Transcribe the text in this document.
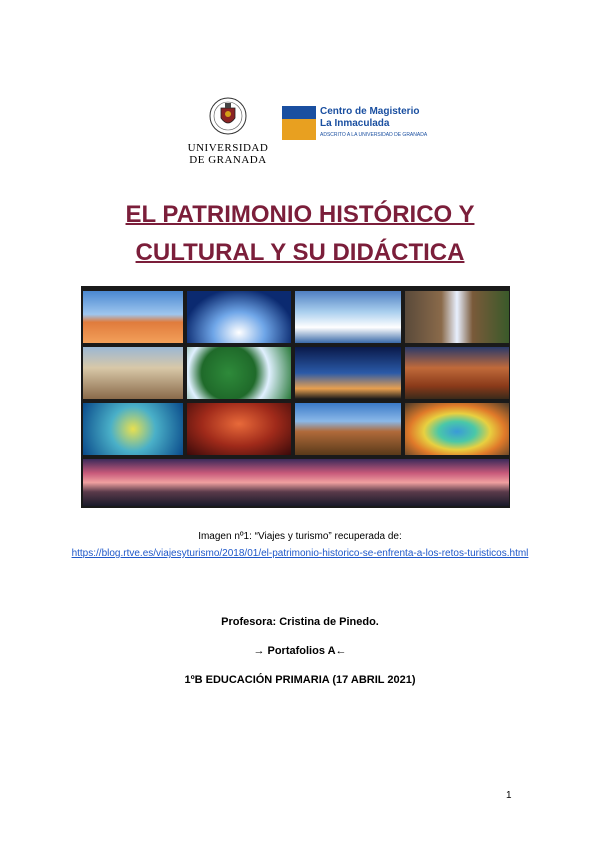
UNIVERSIDAD
DE GRANADA
Centro de Magisterio
La Inmaculada
ADSCRITO A LA UNIVERSIDAD DE GRANADA
EL PATRIMONIO HISTÓRICO Y
CULTURAL Y SU DIDÁCTICA
Imagen nº1: “Viajes y turismo” recuperada de:
https://blog.rtve.es/viajesyturismo/2018/01/el-patrimonio-historico-se-enfrenta-a-los-retos-turisticos.html
Profesora: Cristina de Pinedo.
→ Portafolios A←
1ºB EDUCACIÓN PRIMARIA (17 ABRIL 2021)
1
